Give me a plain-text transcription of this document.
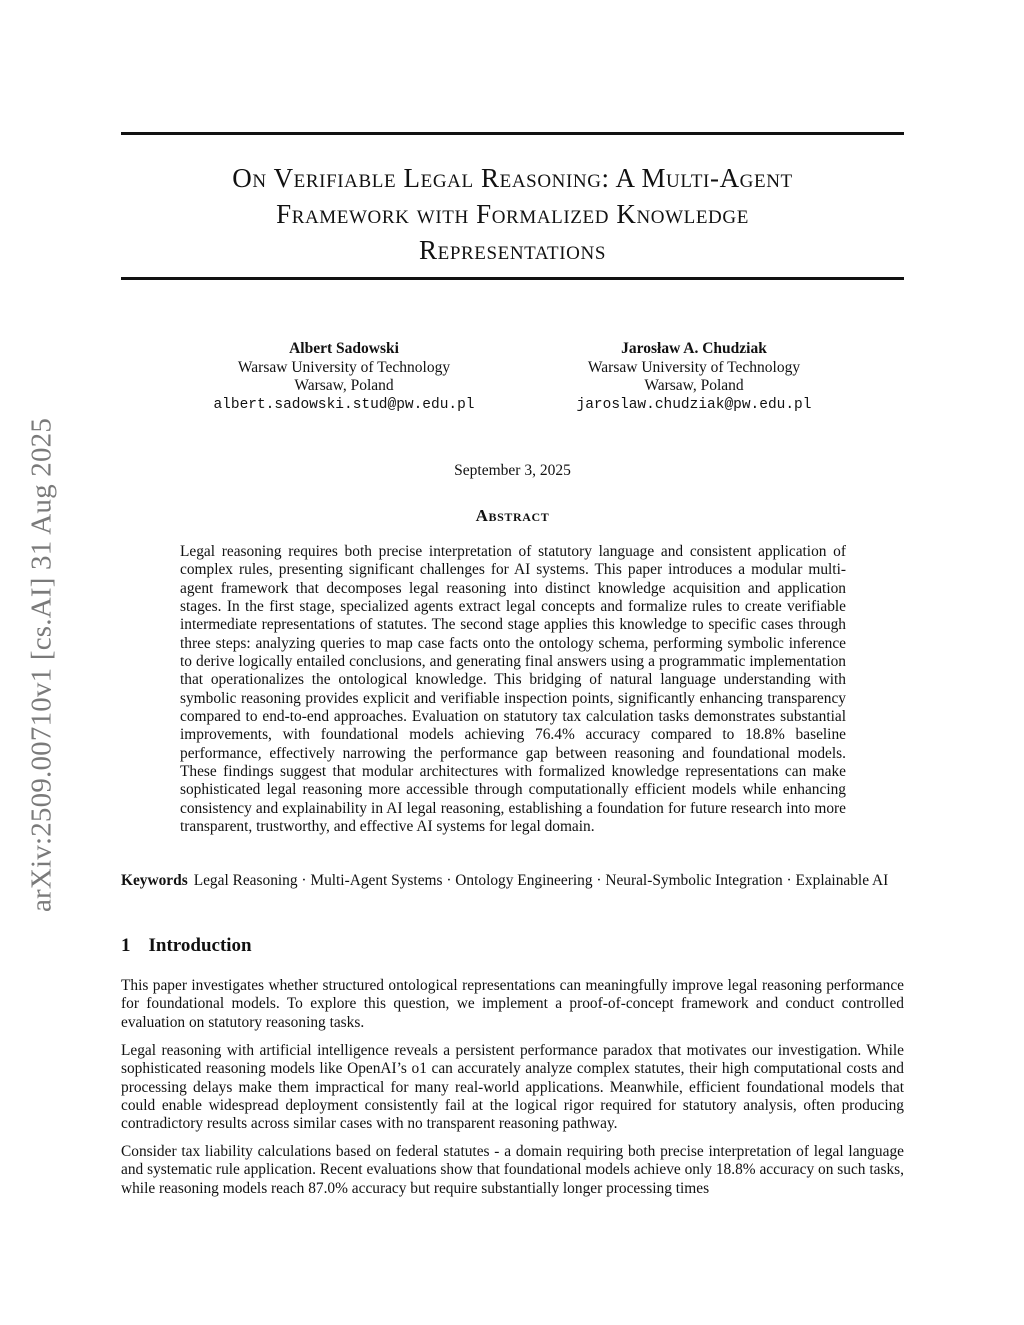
arXiv:2509.00710v1 [cs.AI] 31 Aug 2025
On Verifiable Legal Reasoning: A Multi-Agent
Framework with Formalized Knowledge
Representations
Albert Sadowski
Warsaw University of Technology
Warsaw, Poland
albert.sadowski.stud@pw.edu.pl
Jarosław A. Chudziak
Warsaw University of Technology
Warsaw, Poland
jaroslaw.chudziak@pw.edu.pl
September 3, 2025
Abstract

Legal reasoning requires both precise interpretation of statutory language and consistent application of complex rules, presenting significant challenges for AI systems. This paper introduces a modular multi-agent framework that decomposes legal reasoning into distinct knowledge acquisition and application stages. In the first stage, specialized agents extract legal concepts and formalize rules to create verifiable intermediate representations of statutes. The second stage applies this knowledge to specific cases through three steps: analyzing queries to map case facts onto the ontology schema, performing symbolic inference to derive logically entailed conclusions, and generating final answers using a programmatic implementation that operationalizes the ontological knowledge. This bridging of natural language understanding with symbolic reasoning provides explicit and verifiable inspection points, significantly enhancing transparency compared to end-to-end approaches. Evaluation on statutory tax calculation tasks demonstrates substantial improvements, with foundational models achieving 76.4% accuracy compared to 18.8% baseline performance, effectively narrowing the performance gap between reasoning and foundational models. These findings suggest that modular architectures with formalized knowledge representations can make sophisticated legal reasoning more accessible through computationally efficient models while enhancing consistency and explainability in AI legal reasoning, establishing a foundation for future research into more transparent, trustworthy, and effective AI systems for legal domain.

Keywords Legal Reasoning · Multi-Agent Systems · Ontology Engineering · Neural-Symbolic Integration · Explainable AI

1 Introduction

This paper investigates whether structured ontological representations can meaningfully improve legal reasoning performance for foundational models. To explore this question, we implement a proof-of-concept framework and conduct controlled evaluation on statutory reasoning tasks.

Legal reasoning with artificial intelligence reveals a persistent performance paradox that motivates our investigation. While sophisticated reasoning models like OpenAI’s o1 can accurately analyze complex statutes, their high computational costs and processing delays make them impractical for many real-world applications. Meanwhile, efficient foundational models that could enable widespread deployment consistently fail at the logical rigor required for statutory analysis, often producing contradictory results across similar cases with no transparent reasoning pathway.

Consider tax liability calculations based on federal statutes - a domain requiring both precise interpretation of legal language and systematic rule application. Recent evaluations show that foundational models achieve only 18.8% accuracy on such tasks, while reasoning models reach 87.0% accuracy but require substantially longer processing times
